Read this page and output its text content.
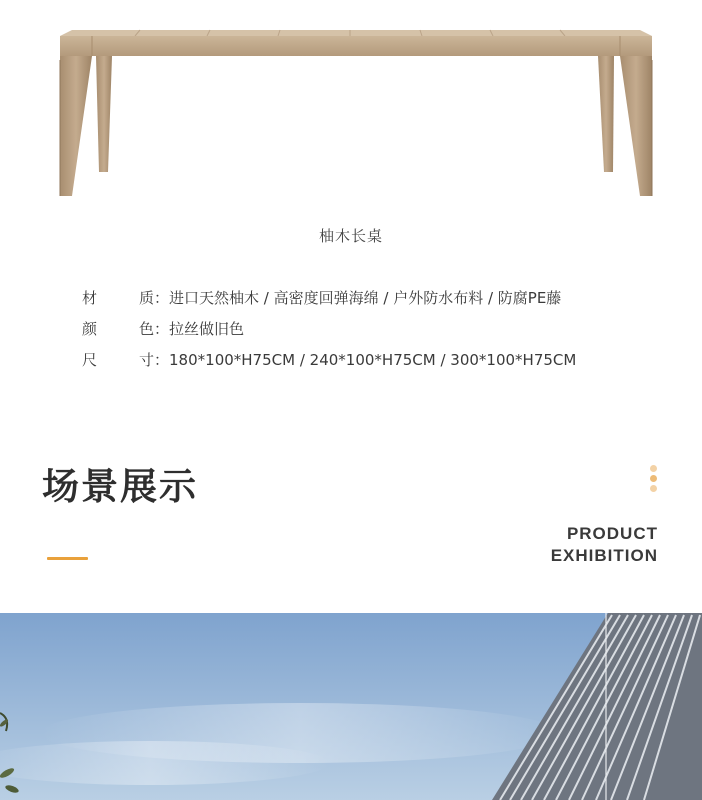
柚木长桌
材	质 ： 进口天然柚木 / 高密度回弹海绵 / 户外防水布料 / 防腐PE藤
颜	色 ： 拉丝做旧色
尺	寸 ： 180*100*H75CM / 240*100*H75CM / 300*100*H75CM
场景展示
PRODUCT
EXHIBITION
